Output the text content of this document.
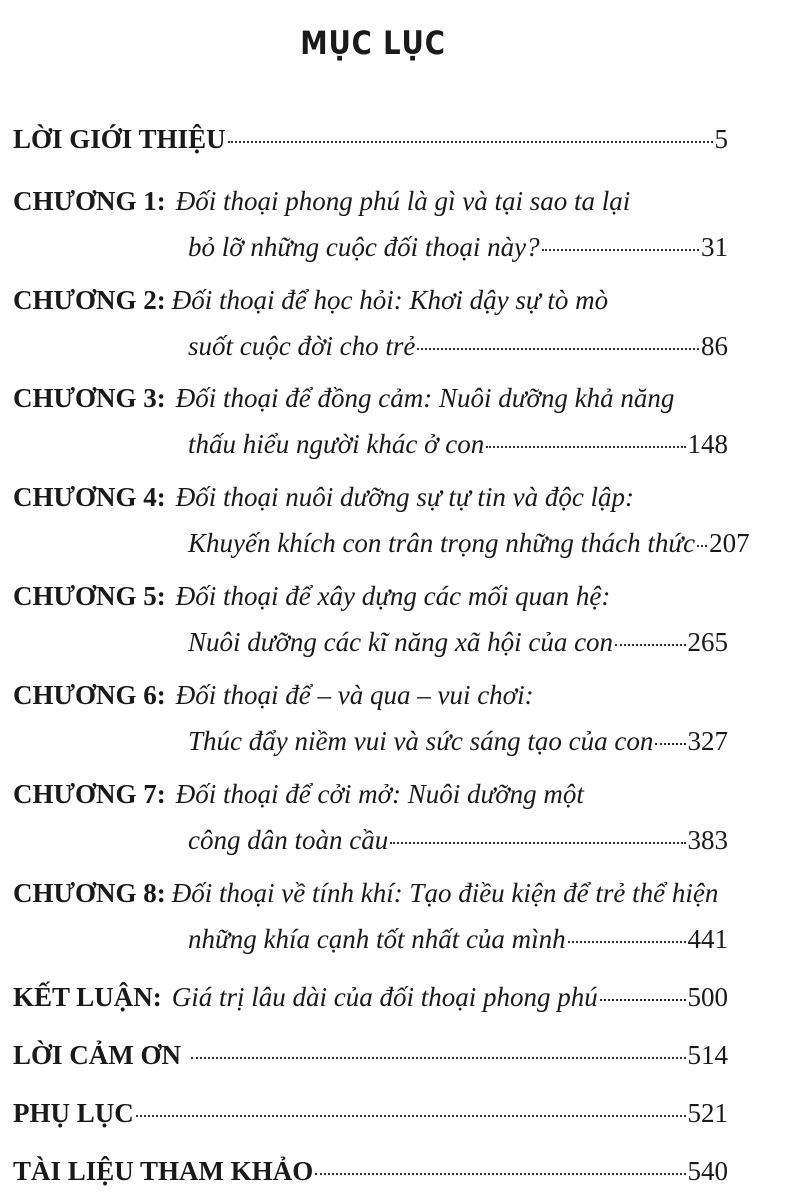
MỤC LỤC
LỜI GIỚI THIỆU	5
CHƯƠNG 1: Đối thoại phong phú là gì và tại sao ta lại
bỏ lỡ những cuộc đối thoại này?	31
CHƯƠNG 2: Đối thoại để học hỏi: Khơi dậy sự tò mò
suốt cuộc đời cho trẻ	86
CHƯƠNG 3: Đối thoại để đồng cảm: Nuôi dưỡng khả năng
thấu hiểu người khác ở con	148
CHƯƠNG 4: Đối thoại nuôi dưỡng sự tự tin và độc lập:
Khuyến khích con trân trọng những thách thức 207
CHƯƠNG 5: Đối thoại để xây dựng các mối quan hệ:
Nuôi dưỡng các kĩ năng xã hội của con	265
CHƯƠNG 6: Đối thoại để – và qua – vui chơi:
Thúc đẩy niềm vui và sức sáng tạo của con 327
CHƯƠNG 7: Đối thoại để cởi mở: Nuôi dưỡng một
công dân toàn cầu	383
CHƯƠNG 8: Đối thoại về tính khí: Tạo điều kiện để trẻ thể hiện
những khía cạnh tốt nhất của mình	441
KẾT LUẬN: Giá trị lâu dài của đối thoại phong phú	500
LỜI CẢM ƠN	514
PHỤ LỤC	521
TÀI LIỆU THAM KHẢO	540
